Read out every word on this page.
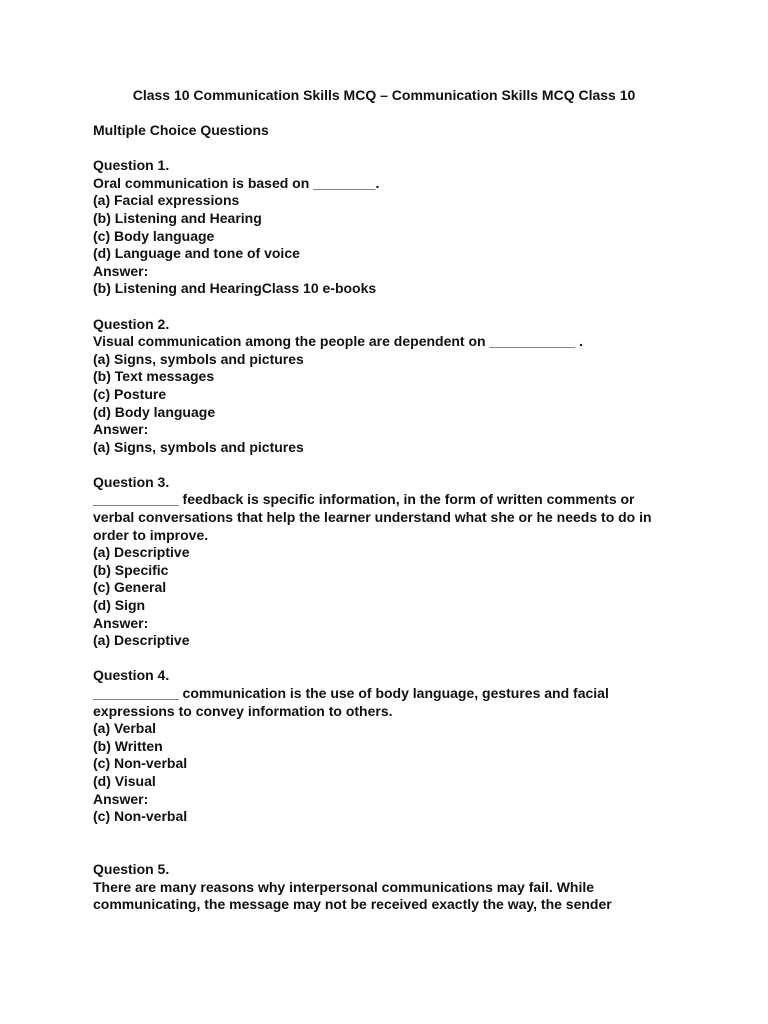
Class 10 Communication Skills MCQ – Communication Skills MCQ Class 10
Multiple Choice Questions
Question 1.
Oral communication is based on ________.
(a) Facial expressions
(b) Listening and Hearing
(c) Body language
(d) Language and tone of voice
Answer:
(b) Listening and HearingClass 10 e-books
Question 2.
Visual communication among the people are dependent on ___________ .
(a) Signs, symbols and pictures
(b) Text messages
(c) Posture
(d) Body language
Answer:
(a) Signs, symbols and pictures
Question 3.
___________ feedback is specific information, in the form of written comments or
verbal conversations that help the learner understand what she or he needs to do in
order to improve.
(a) Descriptive
(b) Specific
(c) General
(d) Sign
Answer:
(a) Descriptive
Question 4.
___________ communication is the use of body language, gestures and facial
expressions to convey information to others.
(a) Verbal
(b) Written
(c) Non-verbal
(d) Visual
Answer:
(c) Non-verbal
Question 5.
There are many reasons why interpersonal communications may fail. While
communicating, the message may not be received exactly the way, the sender
